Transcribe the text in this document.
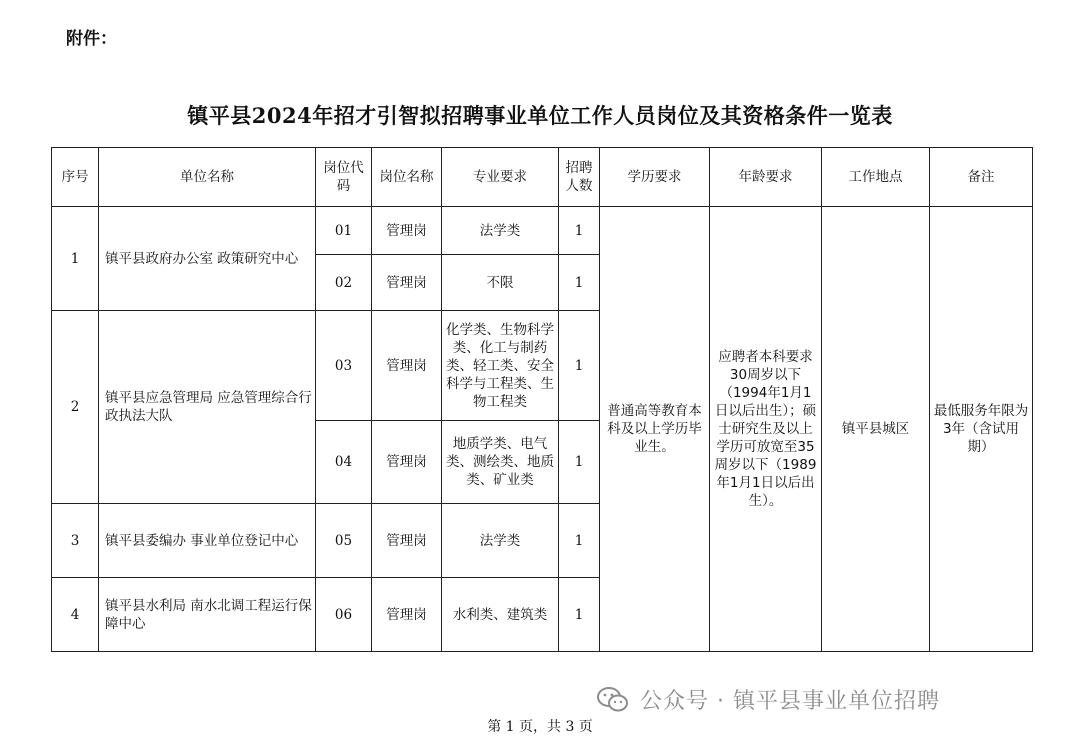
附件：
镇平县2024年招才引智拟招聘事业单位工作人员岗位及其资格条件一览表
序号	单位名称	岗位代码	岗位名称	专业要求	招聘人数	学历要求	年龄要求	工作地点	备注
1	镇平县政府办公室 政策研究中心	01	管理岗	法学类	1	普通高等教育本科及以上学历毕业生。	应聘者本科要求30周岁以下（1994年1月1日以后出生）；硕士研究生及以上学历可放宽至35周岁以下（1989年1月1日以后出生）。	镇平县城区	最低服务年限为3年（含试用期）
		02	管理岗	不限	1				
2	镇平县应急管理局 应急管理综合行政执法大队	03	管理岗	化学类、生物科学类、化工与制药类、轻工类、安全科学与工程类、生物工程类	1				
		04	管理岗	地质学类、电气类、测绘类、地质类、矿业类	1				
3	镇平县委编办 事业单位登记中心	05	管理岗	法学类	1				
4	镇平县水利局 南水北调工程运行保障中心	06	管理岗	水利类、建筑类	1				
公众号 · 镇平县事业单位招聘
第 1 页，共 3 页
